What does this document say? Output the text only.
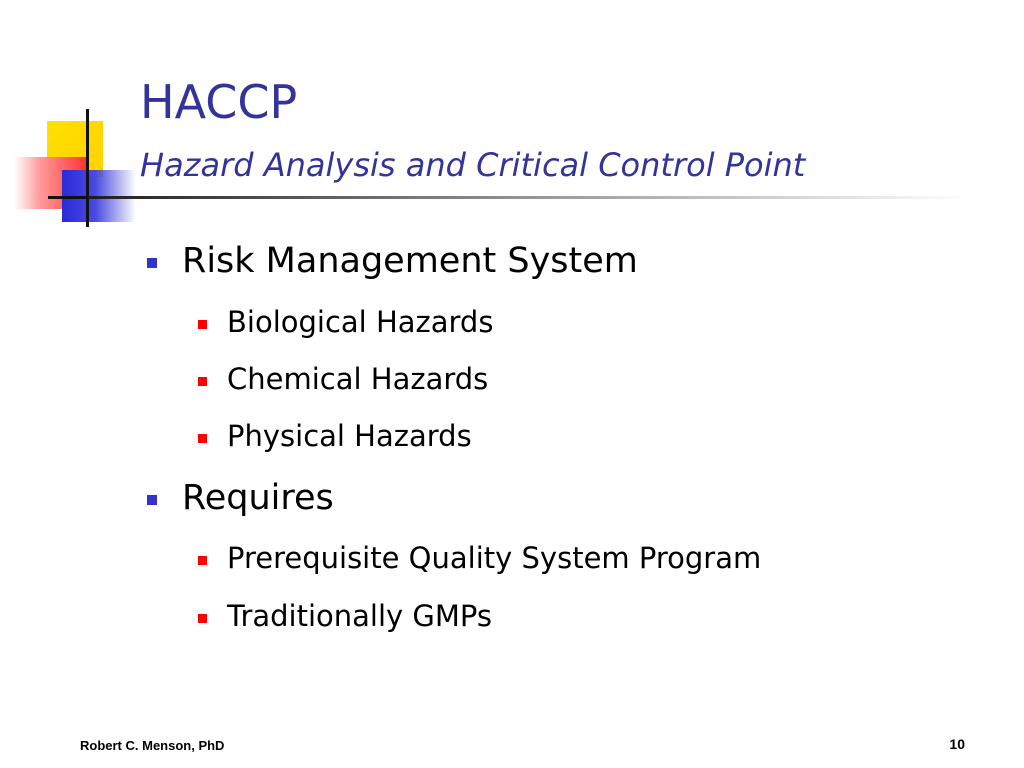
HACCP
Hazard Analysis and Critical Control Point
Risk Management System
Biological Hazards
Chemical Hazards
Physical Hazards
Requires
Prerequisite Quality System Program
Traditionally GMPs
Robert C. Menson, PhD	10
